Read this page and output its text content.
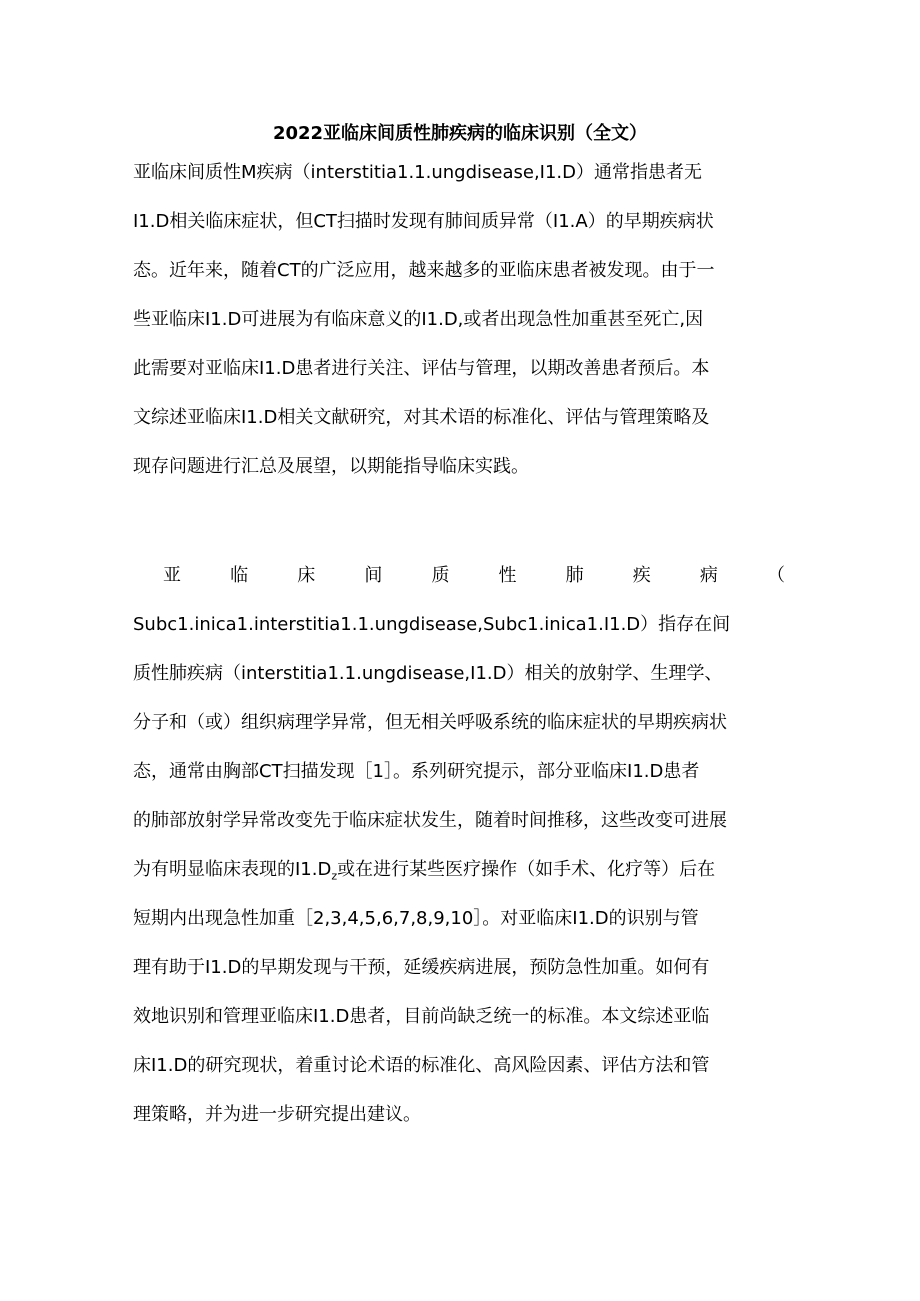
2022亚临床间质性肺疾病的临床识别（全文）
亚临床间质性M疾病（interstitia1.1.ungdisease,I1.D）通常指患者无
I1.D相关临床症状，但CT扫描时发现有肺间质异常（I1.A）的早期疾病状
态。近年来，随着CT的广泛应用，越来越多的亚临床患者被发现。由于一
些亚临床I1.D可进展为有临床意义的I1.D,或者出现急性加重甚至死亡,因
此需要对亚临床I1.D患者进行关注、评估与管理，以期改善患者预后。本
文综述亚临床I1.D相关文献研究，对其术语的标准化、评估与管理策略及
现存问题进行汇总及展望，以期能指导临床实践。
亚	临	床	间	质	性	肺	疾	病	（
Subc1.inica1.interstitia1.1.ungdisease,Subc1.inica1.I1.D）指存在间
质性肺疾病（interstitia1.1.ungdisease,I1.D）相关的放射学、生理学、
分子和（或）组织病理学异常，但无相关呼吸系统的临床症状的早期疾病状
态，通常由胸部CT扫描发现［1］。系列研究提示，部分亚临床I1.D患者
的肺部放射学异常改变先于临床症状发生，随着时间推移，这些改变可进展
为有明显临床表现的$I1.D_z$或在进行某些医疗操作（如手术、化疗等）后在
短期内出现急性加重［2,3,4,5,6,7,8,9,10］。对亚临床I1.D的识别与管
理有助于I1.D的早期发现与干预，延缓疾病进展，预防急性加重。如何有
效地识别和管理亚临床I1.D患者，目前尚缺乏统一的标准。本文综述亚临
床I1.D的研究现状，着重讨论术语的标准化、高风险因素、评估方法和管
理策略，并为进一步研究提出建议。
